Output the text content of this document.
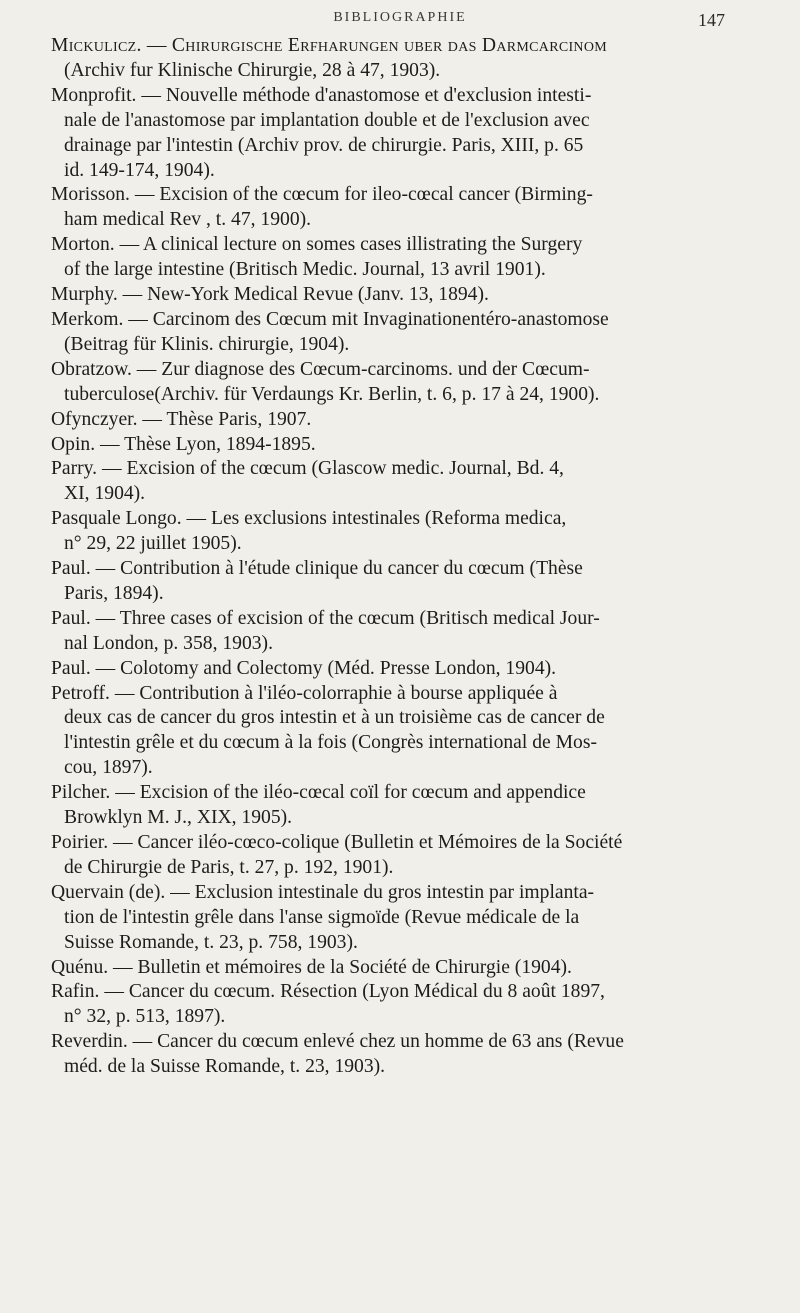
BIBLIOGRAPHIE	147
Mickulicz. — Chirurgische Erfharungen uber das Darmcarcinom
(Archiv fur Klinische Chirurgie, 28 à 47, 1903).
Monprofit. — Nouvelle méthode d'anastomose et d'exclusion intesti-
nale de l'anastomose par implantation double et de l'exclusion avec
drainage par l'intestin (Archiv prov. de chirurgie. Paris, XIII, p. 65
id. 149-174, 1904).
Morisson. — Excision of the cœcum for ileo-cœcal cancer (Birming-
ham medical Rev , t. 47, 1900).
Morton. — A clinical lecture on somes cases illistrating the Surgery
of the large intestine (Britisch Medic. Journal, 13 avril 1901).
Murphy. — New-York Medical Revue (Janv. 13, 1894).
Merkom. — Carcinom des Cœcum mit Invaginationentéro-anastomose
(Beitrag für Klinis. chirurgie, 1904).
Obratzow. — Zur diagnose des Cœcum-carcinoms. und der Cœcum-
tuberculose(Archiv. für Verdaungs Kr. Berlin, t. 6, p. 17 à 24, 1900).
Ofynczyer. — Thèse Paris, 1907.
Opin. — Thèse Lyon, 1894-1895.
Parry. — Excision of the cœcum (Glascow medic. Journal, Bd. 4,
XI, 1904).
Pasquale Longo. — Les exclusions intestinales (Reforma medica,
n° 29, 22 juillet 1905).
Paul. — Contribution à l'étude clinique du cancer du cœcum (Thèse
Paris, 1894).
Paul. — Three cases of excision of the cœcum (Britisch medical Jour-
nal London, p. 358, 1903).
Paul. — Colotomy and Colectomy (Méd. Presse London, 1904).
Petroff. — Contribution à l'iléo-colorraphie à bourse appliquée à
deux cas de cancer du gros intestin et à un troisième cas de cancer de
l'intestin grêle et du cœcum à la fois (Congrès international de Mos-
cou, 1897).
Pilcher. — Excision of the iléo-cœcal coïl for cœcum and appendice
Browklyn M. J., XIX, 1905).
Poirier. — Cancer iléo-cœco-colique (Bulletin et Mémoires de la Société
de Chirurgie de Paris, t. 27, p. 192, 1901).
Quervain (de). — Exclusion intestinale du gros intestin par implanta-
tion de l'intestin grêle dans l'anse sigmoïde (Revue médicale de la
Suisse Romande, t. 23, p. 758, 1903).
Quénu. — Bulletin et mémoires de la Société de Chirurgie (1904).
Rafin. — Cancer du cœcum. Résection (Lyon Médical du 8 août 1897,
n° 32, p. 513, 1897).
Reverdin. — Cancer du cœcum enlevé chez un homme de 63 ans (Revue
méd. de la Suisse Romande, t. 23, 1903).
